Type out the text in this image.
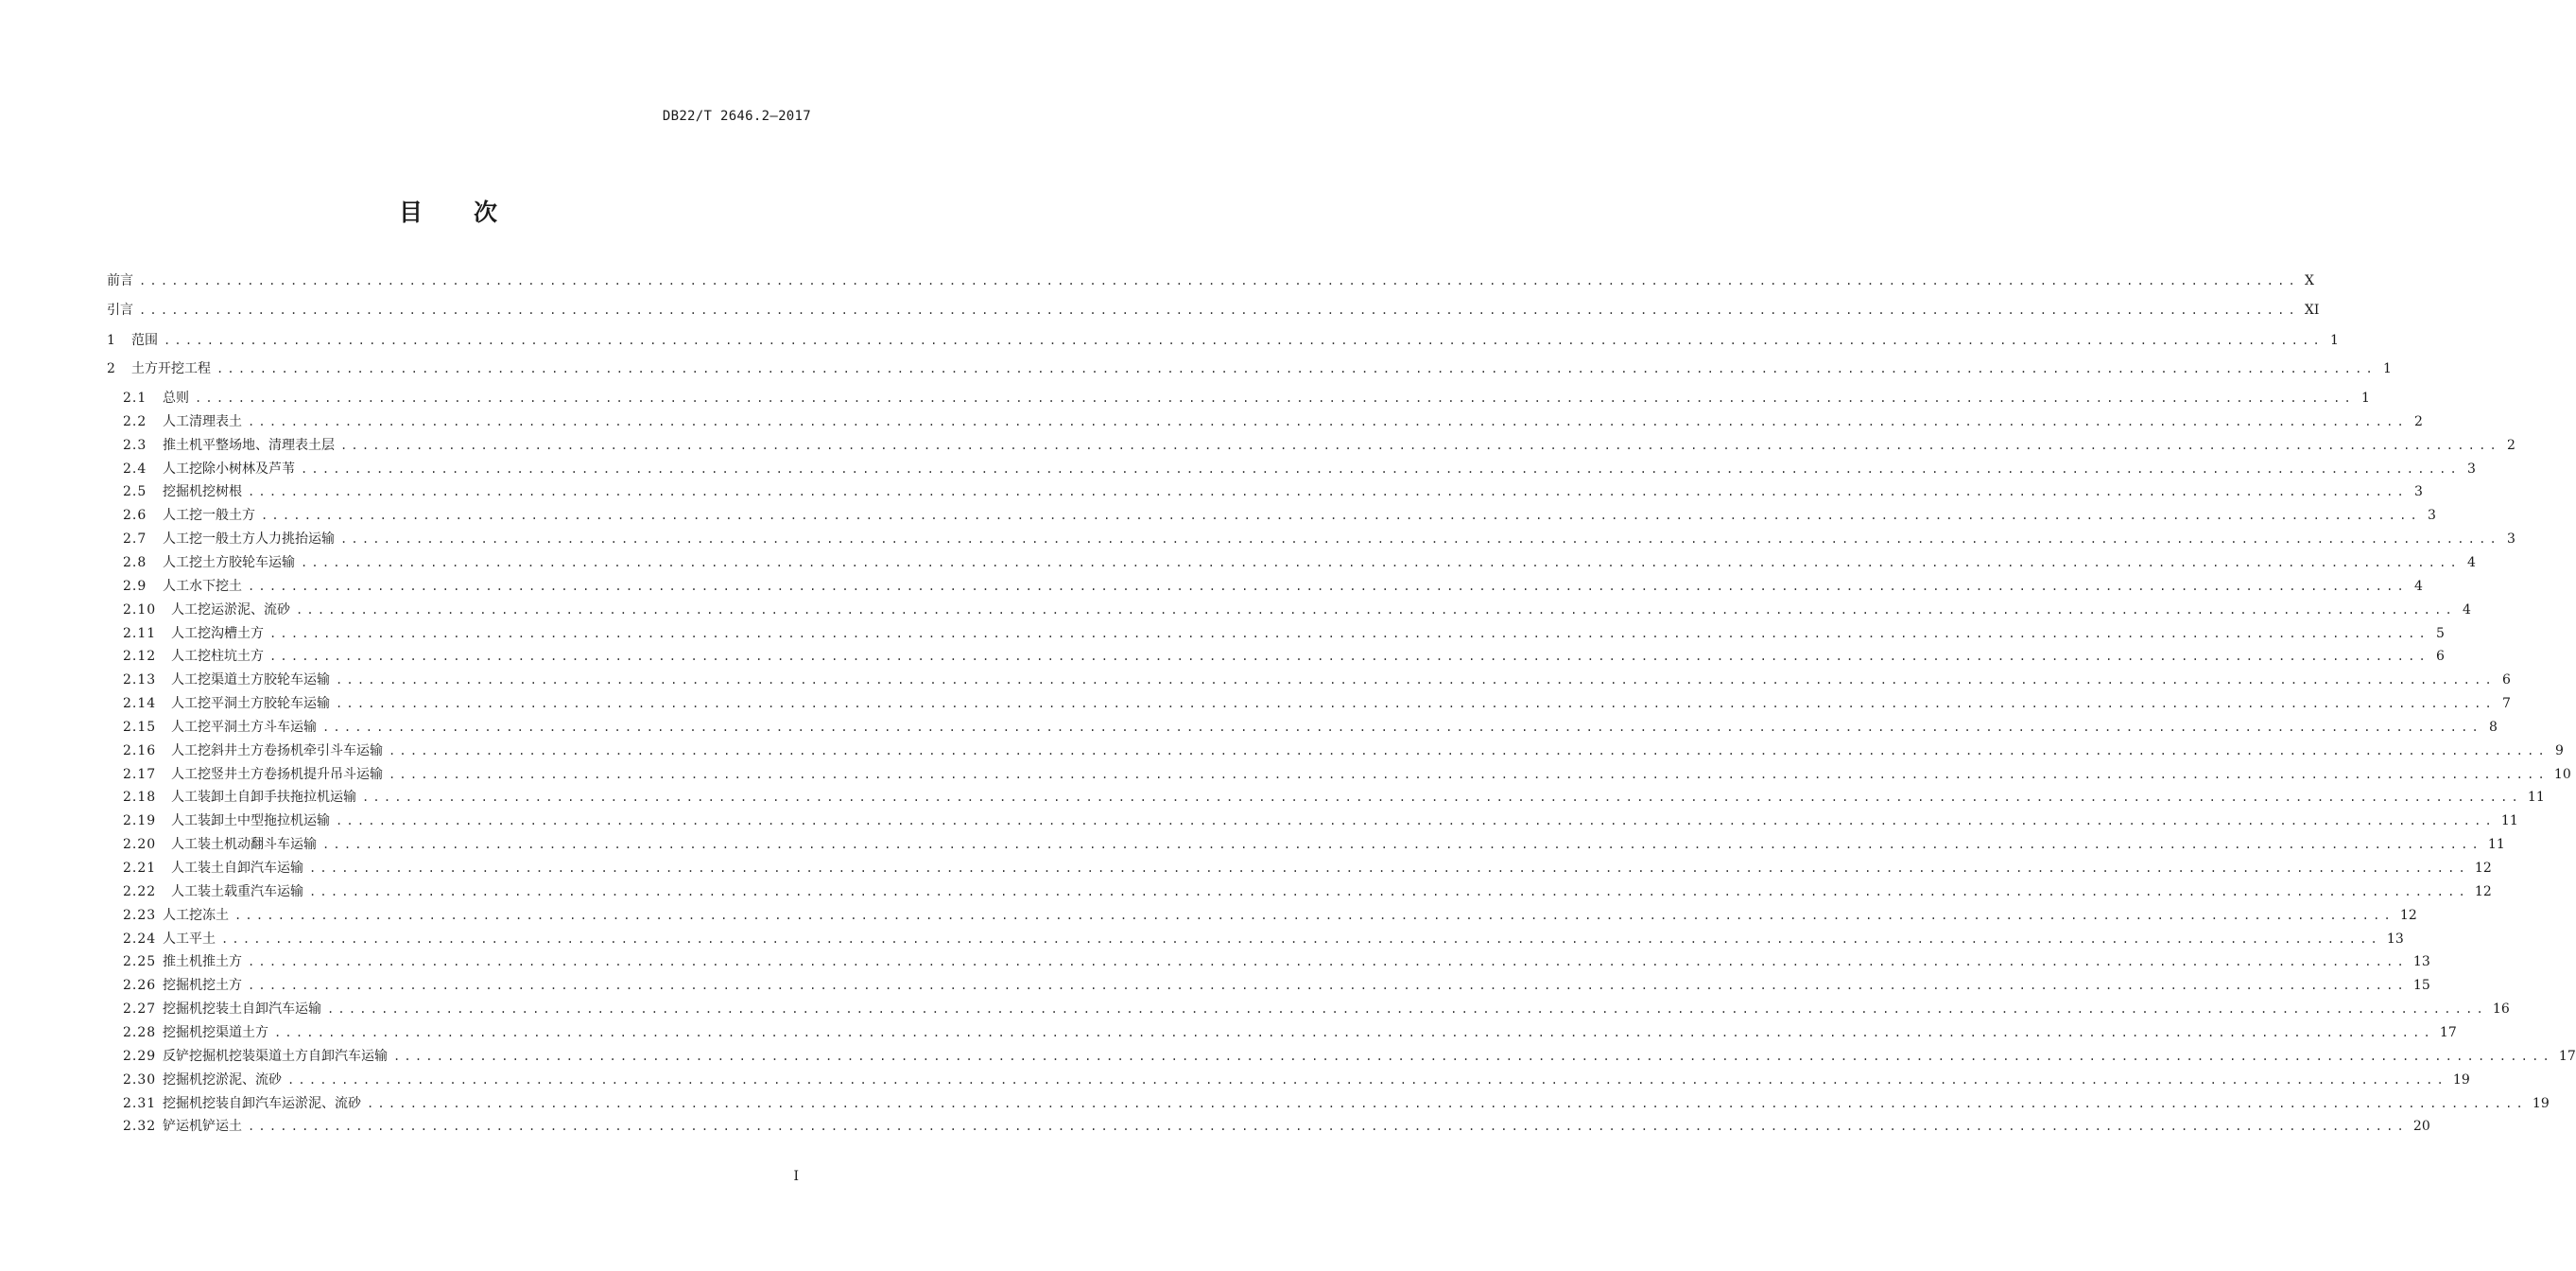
DB22/T 2646.2—2017
目 次
前言 ........................................................................................................................................................................................................ X
引言 ........................................................................................................................................................................................................ XI
1	范围 ........................................................................................................................................................................................................ 1
2	土方开挖工程 ........................................................................................................................................................................................................ 1
2.1	总则 ........................................................................................................................................................................................................ 1
2.2	人工清理表土 ........................................................................................................................................................................................................ 2
2.3	推土机平整场地、清理表土层 ........................................................................................................................................................................................................ 2
2.4	人工挖除小树林及芦苇 ........................................................................................................................................................................................................ 3
2.5	挖掘机挖树根 ........................................................................................................................................................................................................ 3
2.6	人工挖一般土方 ........................................................................................................................................................................................................ 3
2.7	人工挖一般土方人力挑抬运输 ........................................................................................................................................................................................................ 3
2.8	人工挖土方胶轮车运输 ........................................................................................................................................................................................................ 4
2.9	人工水下挖土 ........................................................................................................................................................................................................ 4
2.10	人工挖运淤泥、流砂 ........................................................................................................................................................................................................ 4
2.11	人工挖沟槽土方 ........................................................................................................................................................................................................ 5
2.12	人工挖柱坑土方 ........................................................................................................................................................................................................ 6
2.13	人工挖渠道土方胶轮车运输 ........................................................................................................................................................................................................ 6
2.14	人工挖平洞土方胶轮车运输 ........................................................................................................................................................................................................ 7
2.15	人工挖平洞土方斗车运输 ........................................................................................................................................................................................................ 8
2.16	人工挖斜井土方卷扬机牵引斗车运输 ........................................................................................................................................................................................................ 9
2.17	人工挖竖井土方卷扬机提升吊斗运输 ........................................................................................................................................................................................................ 10
2.18	人工装卸土自卸手扶拖拉机运输 ........................................................................................................................................................................................................ 11
2.19	人工装卸土中型拖拉机运输 ........................................................................................................................................................................................................ 11
2.20	人工装土机动翻斗车运输 ........................................................................................................................................................................................................ 11
2.21	人工装土自卸汽车运输 ........................................................................................................................................................................................................ 12
2.22	人工装土载重汽车运输 ........................................................................................................................................................................................................ 12
2.23 人工挖冻土 ........................................................................................................................................................................................................ 12
2.24 人工平土 ........................................................................................................................................................................................................ 13
2.25 推土机推土方 ........................................................................................................................................................................................................ 13
2.26 挖掘机挖土方 ........................................................................................................................................................................................................ 15
2.27 挖掘机挖装土自卸汽车运输 ........................................................................................................................................................................................................ 16
2.28 挖掘机挖渠道土方 ........................................................................................................................................................................................................ 17
2.29 反铲挖掘机挖装渠道土方自卸汽车运输 ........................................................................................................................................................................................................ 17
2.30 挖掘机挖淤泥、流砂 ........................................................................................................................................................................................................ 19
2.31 挖掘机挖装自卸汽车运淤泥、流砂 ........................................................................................................................................................................................................ 19
2.32 铲运机铲运土 ........................................................................................................................................................................................................ 20
I
